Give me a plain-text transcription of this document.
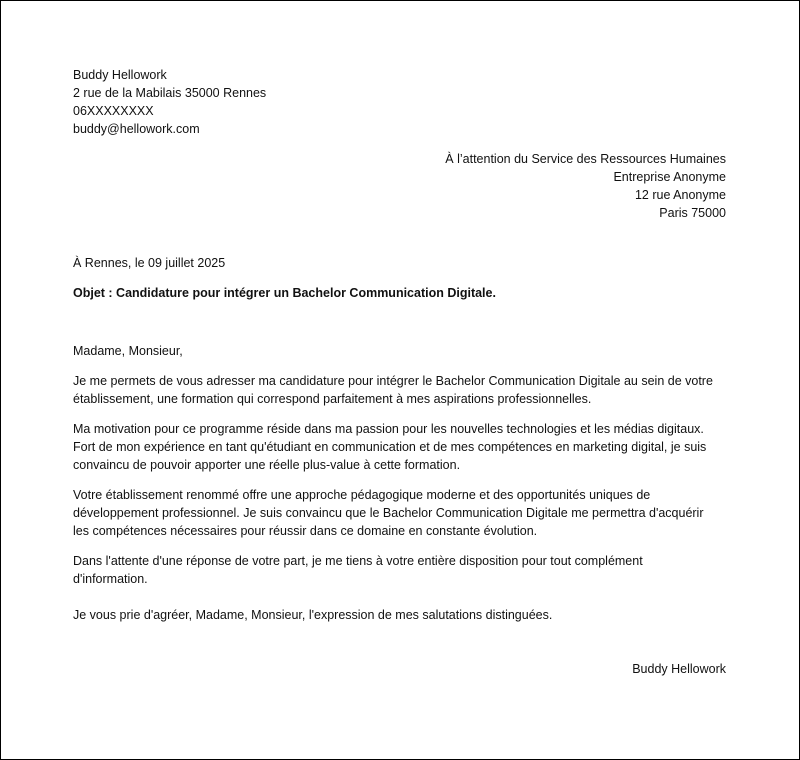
Buddy Hellowork
2 rue de la Mabilais 35000 Rennes
06XXXXXXXX
buddy@hellowork.com
À l’attention du Service des Ressources Humaines
Entreprise Anonyme
12 rue Anonyme
Paris 75000
À Rennes, le 09 juillet 2025
Objet : Candidature pour intégrer un Bachelor Communication Digitale.
Madame, Monsieur,
Je me permets de vous adresser ma candidature pour intégrer le Bachelor Communication Digitale au sein de votre
établissement, une formation qui correspond parfaitement à mes aspirations professionnelles.
Ma motivation pour ce programme réside dans ma passion pour les nouvelles technologies et les médias digitaux.
Fort de mon expérience en tant qu'étudiant en communication et de mes compétences en marketing digital, je suis
convaincu de pouvoir apporter une réelle plus-value à cette formation.
Votre établissement renommé offre une approche pédagogique moderne et des opportunités uniques de
développement professionnel. Je suis convaincu que le Bachelor Communication Digitale me permettra d'acquérir
les compétences nécessaires pour réussir dans ce domaine en constante évolution.
Dans l'attente d'une réponse de votre part, je me tiens à votre entière disposition pour tout complément
d'information.
Je vous prie d'agréer, Madame, Monsieur, l'expression de mes salutations distinguées.
Buddy Hellowork
